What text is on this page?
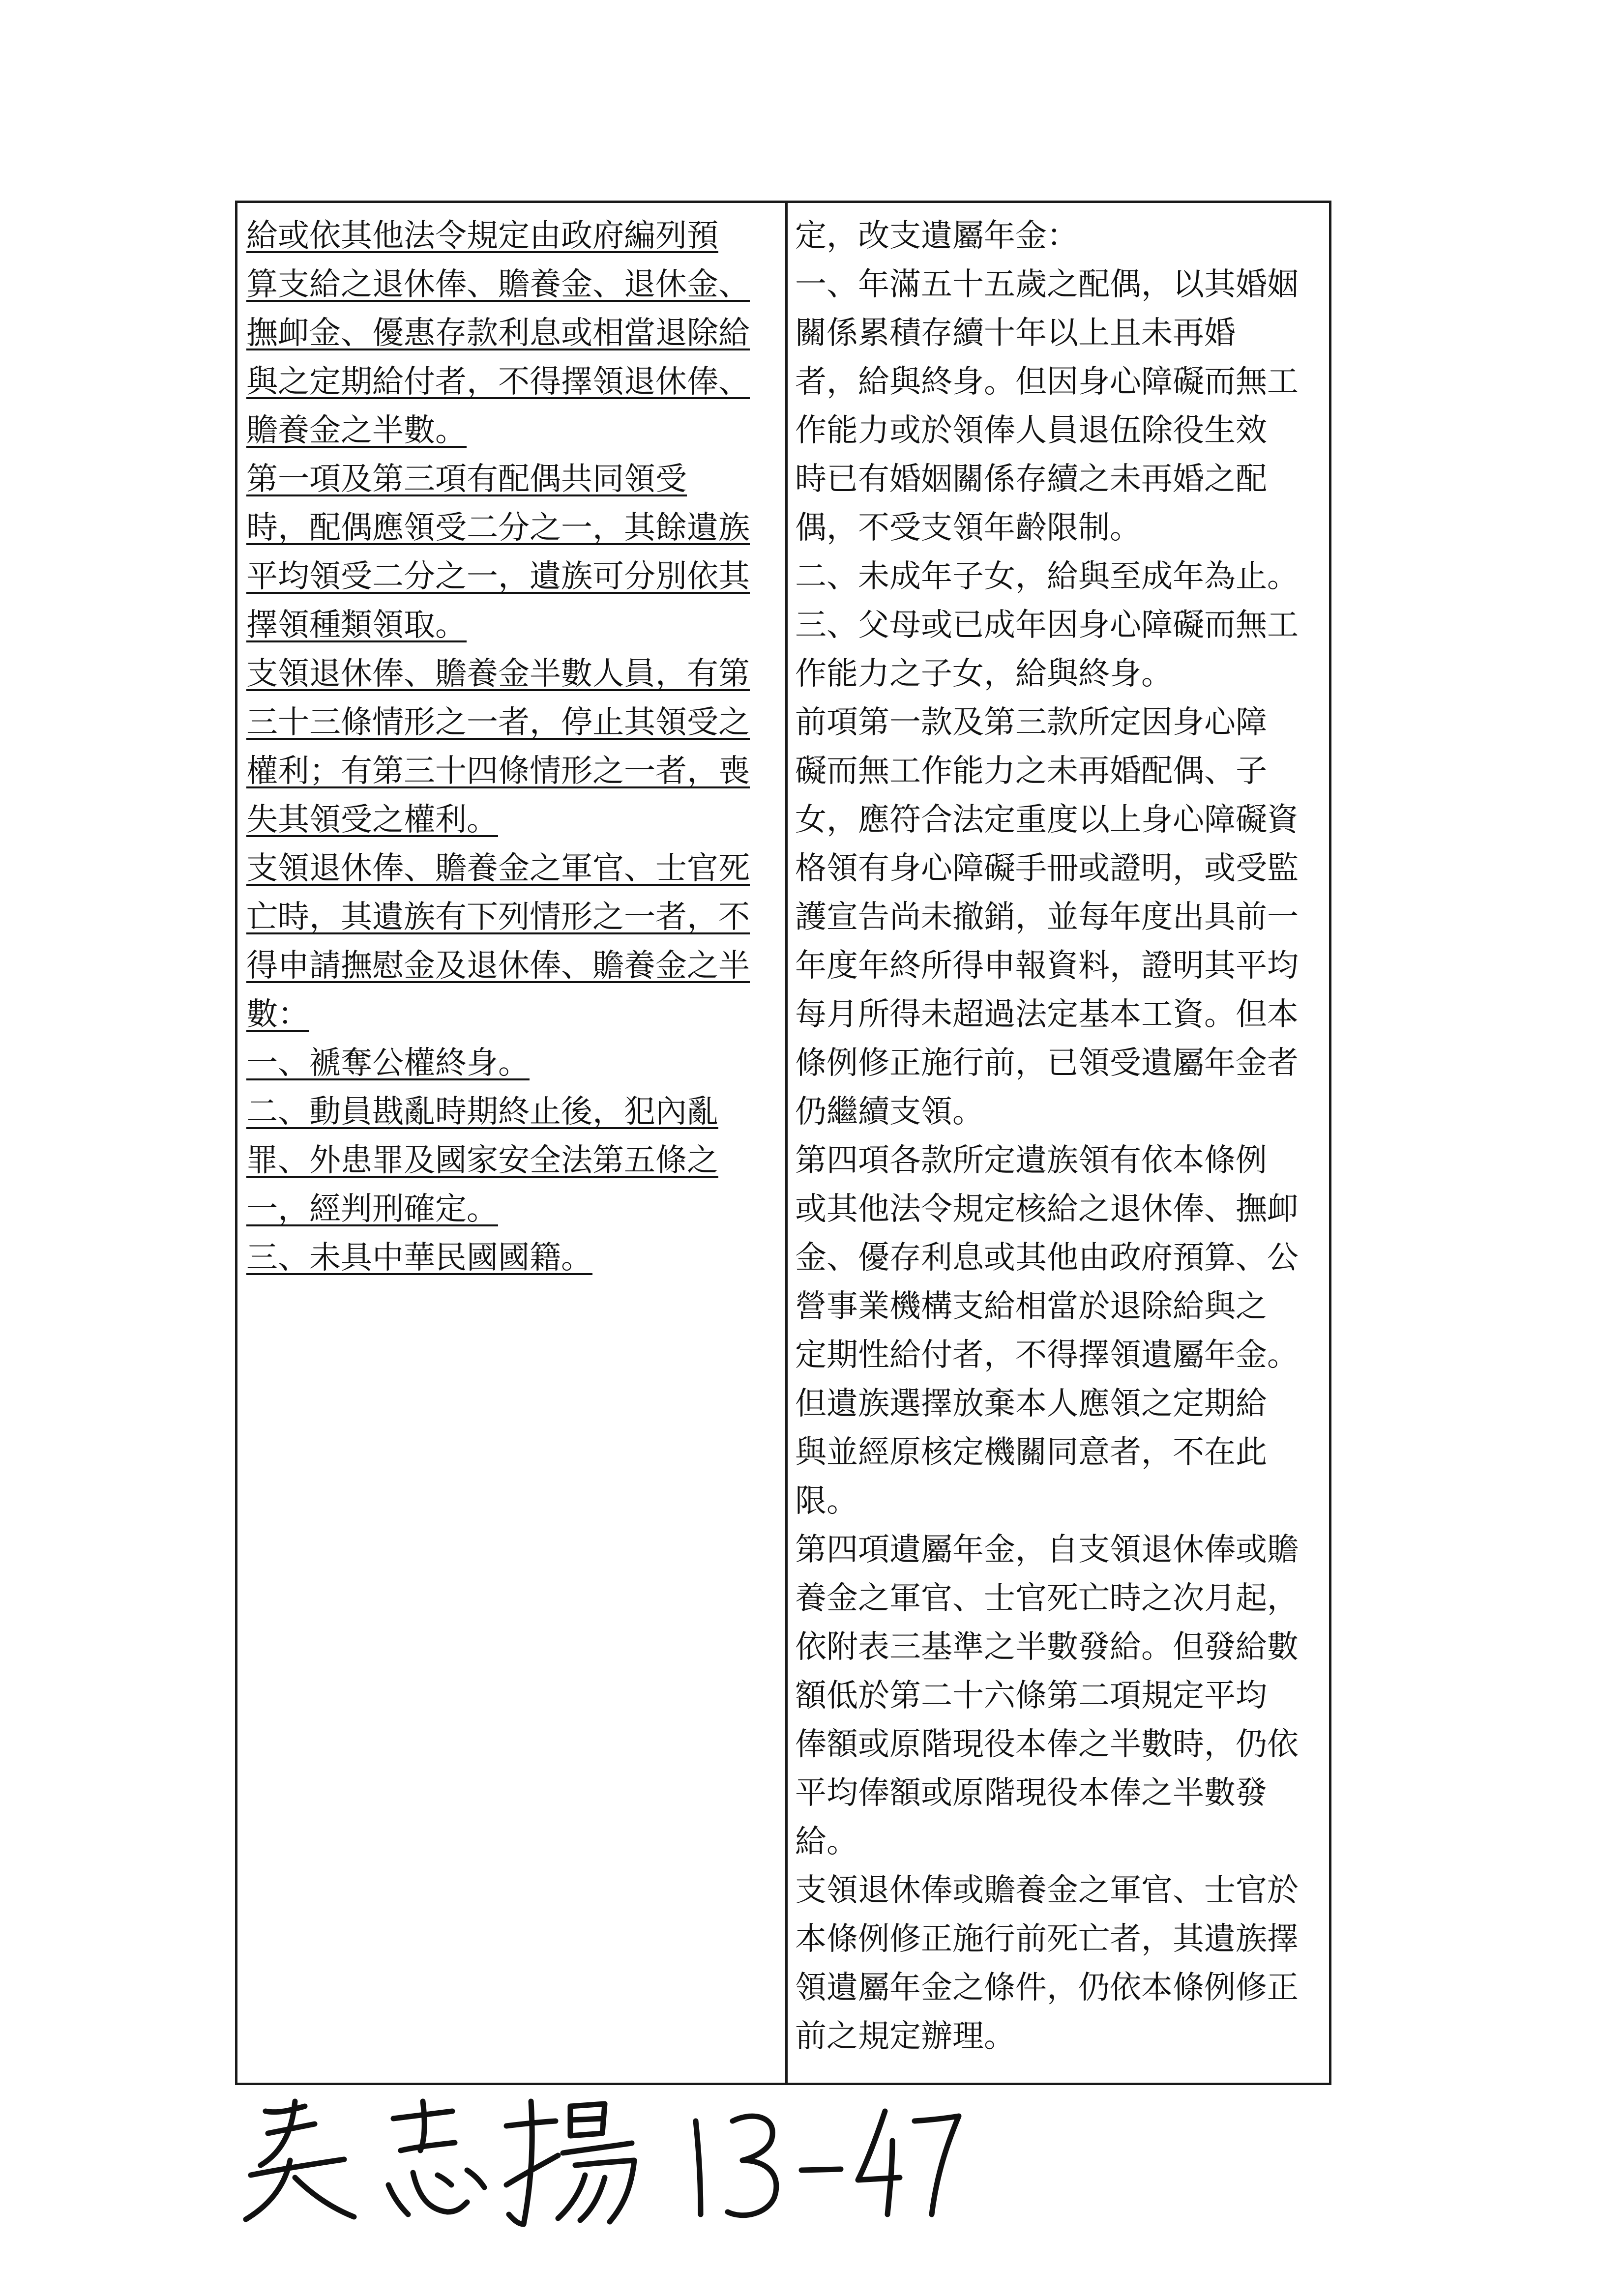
給或依其他法令規定由政府編列預
算支給之退休俸、贍養金、退休金、
撫卹金、優惠存款利息或相當退除給
與之定期給付者，不得擇領退休俸、
贍養金之半數。
第一項及第三項有配偶共同領受
時，配偶應領受二分之一，其餘遺族
平均領受二分之一，遺族可分別依其
擇領種類領取。
支領退休俸、贍養金半數人員，有第
三十三條情形之一者，停止其領受之
權利；有第三十四條情形之一者，喪
失其領受之權利。
支領退休俸、贍養金之軍官、士官死
亡時，其遺族有下列情形之一者，不
得申請撫慰金及退休俸、贍養金之半
數：
一、褫奪公權終身。
二、動員戡亂時期終止後，犯內亂
罪、外患罪及國家安全法第五條之
一，經判刑確定。
三、未具中華民國國籍。
定，改支遺屬年金：
一、年滿五十五歲之配偶，以其婚姻
關係累積存續十年以上且未再婚
者，給與終身。但因身心障礙而無工
作能力或於領俸人員退伍除役生效
時已有婚姻關係存續之未再婚之配
偶，不受支領年齡限制。
二、未成年子女，給與至成年為止。
三、父母或已成年因身心障礙而無工
作能力之子女，給與終身。
前項第一款及第三款所定因身心障
礙而無工作能力之未再婚配偶、子
女，應符合法定重度以上身心障礙資
格領有身心障礙手冊或證明，或受監
護宣告尚未撤銷，並每年度出具前一
年度年終所得申報資料，證明其平均
每月所得未超過法定基本工資。但本
條例修正施行前，已領受遺屬年金者
仍繼續支領。
第四項各款所定遺族領有依本條例
或其他法令規定核給之退休俸、撫卹
金、優存利息或其他由政府預算、公
營事業機構支給相當於退除給與之
定期性給付者，不得擇領遺屬年金。
但遺族選擇放棄本人應領之定期給
與並經原核定機關同意者，不在此
限。
第四項遺屬年金，自支領退休俸或贍
養金之軍官、士官死亡時之次月起，
依附表三基準之半數發給。但發給數
額低於第二十六條第二項規定平均
俸額或原階現役本俸之半數時，仍依
平均俸額或原階現役本俸之半數發
給。
支領退休俸或贍養金之軍官、士官於
本條例修正施行前死亡者，其遺族擇
領遺屬年金之條件，仍依本條例修正
前之規定辦理。
